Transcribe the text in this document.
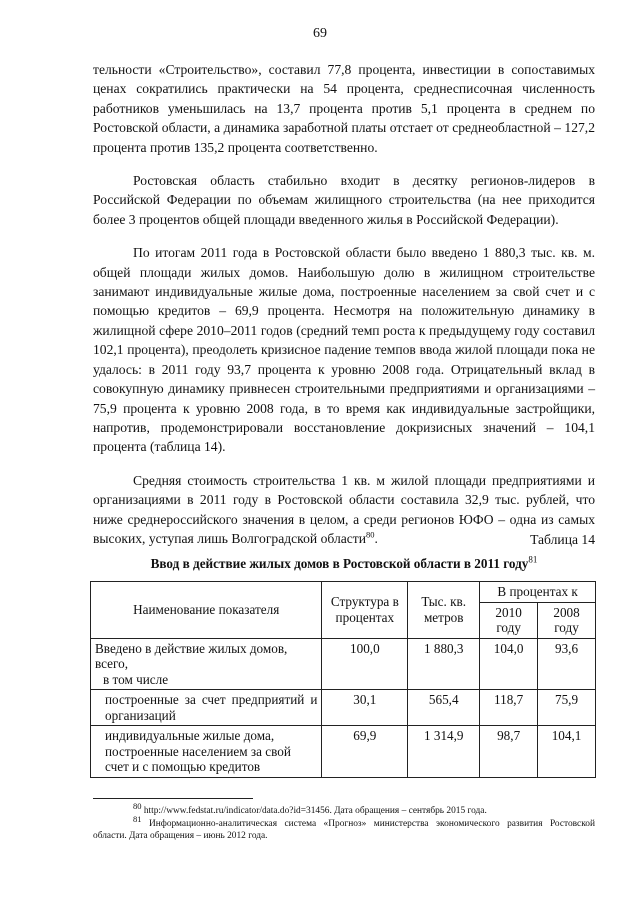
69

тельности «Строительство», составил 77,8 процента, инвестиции в сопоставимых ценах сократились практически на 54 процента, среднесписочная численность работников уменьшилась на 13,7 процента против 5,1 процента в среднем по Ростовской области, а динамика заработной платы отстает от среднеобластной – 127,2 процента против 135,2 процента соответственно.

Ростовская область стабильно входит в десятку регионов-лидеров в Российской Федерации по объемам жилищного строительства (на нее приходится более 3 процентов общей площади введенного жилья в Российской Федерации).

По итогам 2011 года в Ростовской области было введено 1 880,3 тыс. кв. м. общей площади жилых домов. Наибольшую долю в жилищном строительстве занимают индивидуальные жилые дома, построенные населением за свой счет и с помощью кредитов – 69,9 процента. Несмотря на положительную динамику в жилищной сфере 2010–2011 годов (средний темп роста к предыдущему году составил 102,1 процента), преодолеть кризисное падение темпов ввода жилой площади пока не удалось: в 2011 году 93,7 процента к уровню 2008 года. Отрицательный вклад в совокупную динамику привнесен строительными предприятиями и организациями – 75,9 процента к уровню 2008 года, в то время как индивидуальные застройщики, напротив, продемонстрировали восстановление докризисных значений – 104,1 процента (таблица 14).

Средняя стоимость строительства 1 кв. м жилой площади предприятиями и организациями в 2011 году в Ростовской области составила 32,9 тыс. рублей, что ниже среднероссийского значения в целом, а среди регионов ЮФО – одна из самых высоких, уступая лишь Волгоградской области$^{80}$.	Таблица 14
Ввод в действие жилых домов в Ростовской области в 2011 году$^{81}$
Наименование показателя	Структура в процентах	Тыс. кв. метров	В процентах к	
			2010 году	2008 году

Введено в действие жилых домов, всего,
в том числе	100,0	1 880,3	104,0	93,6
построенные за счет предприятий и организаций	30,1	565,4	118,7	75,9
индивидуальные жилые дома, построенные населением за свой счет и с помощью кредитов	69,9	1 314,9	98,7	104,1

$^{80}$ http://www.fedstat.ru/indicator/data.do?id=31456. Дата обращения – сентябрь 2015 года.

$^{81}$ Информационно-аналитическая система «Прогноз» министерства экономического развития Ростовской области. Дата обращения – июнь 2012 года.
